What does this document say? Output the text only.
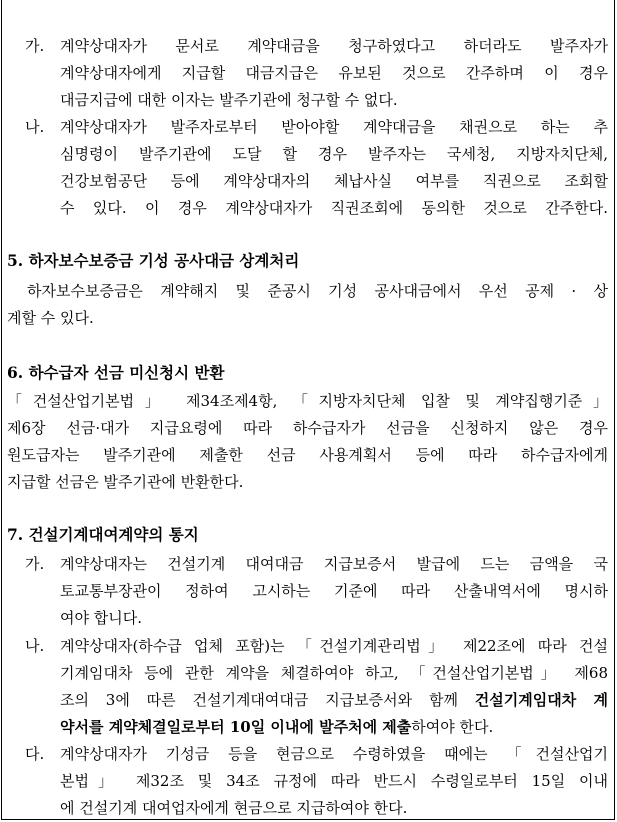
가.	계약상대자가 문서로 계약대금을 청구하였다고 하더라도 발주자가
계약상대자에게 지급할 대금지급은 유보된 것으로 간주하며 이 경우
대금지급에 대한 이자는 발주기관에 청구할 수 없다.
나.	계약상대자가 발주자로부터 받아야할 계약대금을 채권으로 하는 추
심명령이 발주기관에 도달 할 경우 발주자는 국세청, 지방자치단체,
건강보험공단 등에 계약상대자의 체납사실 여부를 직권으로 조회할
수 있다. 이 경우 계약상대자가 직권조회에 동의한 것으로 간주한다.
5. 하자보수보증금 기성 공사대금 상계처리
하자보수보증금은 계약해지 및 준공시 기성 공사대금에서 우선 공제 · 상
계할 수 있다.
6. 하수급자 선금 미신청시 반환
「건설산업기본법」 제34조제4항, 「지방자치단체 입찰 및 계약집행기준」
제6장 선금·대가 지급요령에 따라 하수급자가 선금을 신청하지 않은 경우
원도급자는 발주기관에 제출한 선금 사용계획서 등에 따라 하수급자에게
지급할 선금은 발주기관에 반환한다.
7. 건설기계대여계약의 통지
가.	계약상대자는 건설기계 대여대금 지급보증서 발급에 드는 금액을 국
토교통부장관이 정하여 고시하는 기준에 따라 산출내역서에 명시하
여야 합니다.
나.	계약상대자(하수급 업체 포함)는 「건설기계관리법」 제22조에 따라 건설
기계임대차 등에 관한 계약을 체결하여야 하고, 「건설산업기본법」 제68
조의 3에 따른 건설기계대여대금 지급보증서와 함께 건설기계임대차 계
약서를 계약체결일로부터 10일 이내에 발주처에 제출하여야 한다.
다.	계약상대자가 기성금 등을 현금으로 수령하였을 때에는 「건설산업기
본법」 제32조 및 34조 규정에 따라 반드시 수령일로부터 15일 이내
에 건설기계 대여업자에게 현금으로 지급하여야 한다.
